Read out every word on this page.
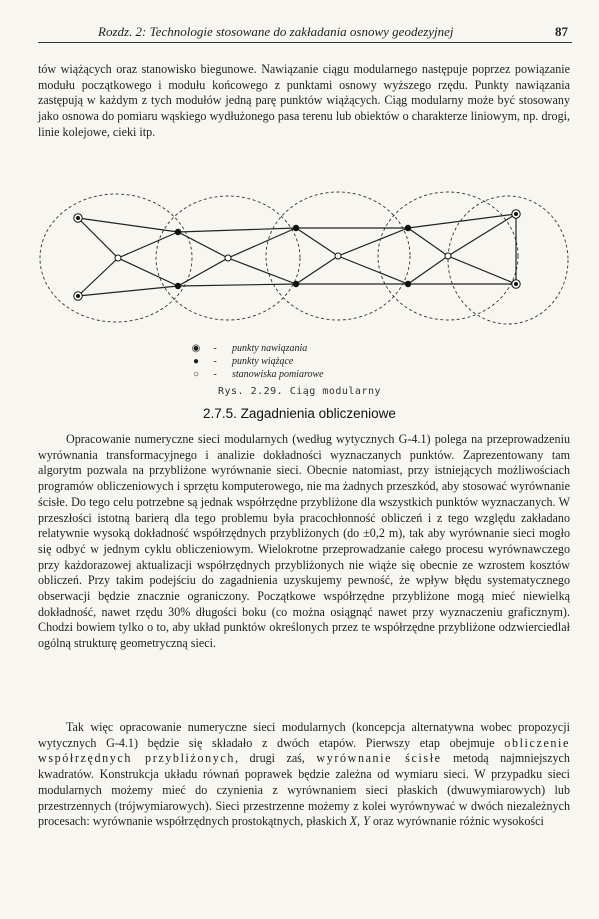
Rozdz. 2: Technologie stosowane do zakładania osnowy geodezyjnej	87

tów wiążących oraz stanowisko biegunowe. Nawiązanie ciągu modularnego następuje poprzez powiązanie modułu początkowego i modułu końcowego z punktami osnowy wyższego rzędu. Punkty nawiązania zastępują w każdym z tych modułów jedną parę punktów wiążących. Ciąg modularny może być stosowany jako osnowa do pomiaru wąskiego wydłużonego pasa terenu lub obiektów o charakterze liniowym, np. drogi, linie kolejowe, cieki itp.

◉	-	punkty nawiązania
●	-	punkty wiążące
○	-	stanowiska pomiarowe
Rys. 2.29. Ciąg modularny
2.7.5. Zagadnienia obliczeniowe

Opracowanie numeryczne sieci modularnych (według wytycznych G-4.1) polega na przeprowadzeniu wyrównania transformacyjnego i analizie dokładności wyznaczanych punktów. Zaprezentowany tam algorytm pozwala na przybliżone wyrównanie sieci. Obecnie natomiast, przy istniejących możliwościach programów obliczeniowych i sprzętu komputerowego, nie ma żadnych przeszkód, aby stosować wyrównanie ścisłe. Do tego celu potrzebne są jednak współrzędne przybliżone dla wszystkich punktów wyznaczanych. W przeszłości istotną barierą dla tego problemu była pracochłonność obliczeń i z tego względu zakładano relatywnie wysoką dokładność współrzędnych przybliżonych (do ±0,2 m), tak aby wyrównanie sieci mogło się odbyć w jednym cyklu obliczeniowym. Wielokrotne przeprowadzanie całego procesu wyrównawczego przy każdorazowej aktualizacji współrzędnych przybliżonych nie wiąże się obecnie ze wzrostem kosztów obliczeń. Przy takim podejściu do zagadnienia uzyskujemy pewność, że wpływ błędu systematycznego obserwacji będzie znacznie ograniczony. Początkowe współrzędne przybliżone mogą mieć niewielką dokładność, nawet rzędu 30% długości boku (co można osiągnąć nawet przy wyznaczeniu graficznym). Chodzi bowiem tylko o to, aby układ punktów określonych przez te współrzędne przybliżone odzwierciedlał ogólną strukturę geometryczną sieci.

Tak więc opracowanie numeryczne sieci modularnych (koncepcja alternatywna wobec propozycji wytycznych G-4.1) będzie się składało z dwóch etapów. Pierwszy etap obejmuje obliczenie współrzędnych przybliżonych, drugi zaś, wyrównanie ścisłe metodą najmniejszych kwadratów. Konstrukcja układu równań poprawek będzie zależna od wymiaru sieci. W przypadku sieci modularnych możemy mieć do czynienia z wyrównaniem sieci płaskich (dwuwymiarowych) lub przestrzennych (trójwymiarowych). Sieci przestrzenne możemy z kolei wyrównywać w dwóch niezależnych procesach: wyrównanie współrzędnych prostokątnych, płaskich X, Y oraz wyrównanie różnic wysokości
